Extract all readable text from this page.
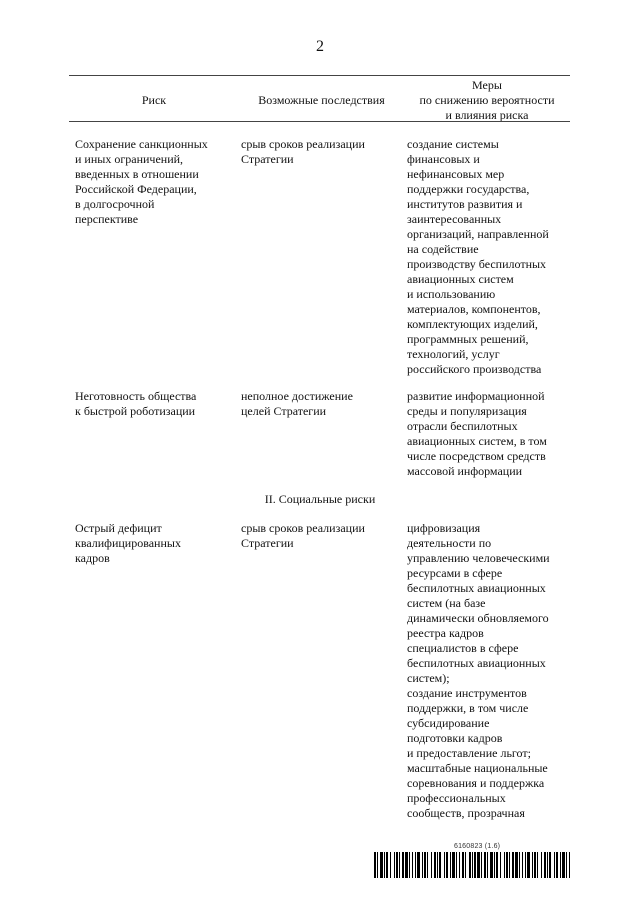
2
Риск	Возможные последствия
Меры
по снижению вероятности
и влияния риска
Сохранение санкционных
и иных ограничений,
введенных в отношении
Российской Федерации,
в долгосрочной
перспективе
срыв сроков реализации
Стратегии
создание системы
финансовых и
нефинансовых мер
поддержки государства,
институтов развития и
заинтересованных
организаций, направленной
на содействие
производству беспилотных
авиационных систем
и использованию
материалов, компонентов,
комплектующих изделий,
программных решений,
технологий, услуг
российского производства
Неготовность общества
к быстрой роботизации
неполное достижение
целей Стратегии
развитие информационной
среды и популяризация
отрасли беспилотных
авиационных систем, в том
числе посредством средств
массовой информации
II. Социальные риски
Острый дефицит
квалифицированных
кадров
срыв сроков реализации
Стратегии
цифровизация
деятельности по
управлению человеческими
ресурсами в сфере
беспилотных авиационных
систем (на базе
динамически обновляемого
реестра кадров
специалистов в сфере
беспилотных авиационных
систем);
создание инструментов
поддержки, в том числе
субсидирование
подготовки кадров
и предоставление льгот;
масштабные национальные
соревнования и поддержка
профессиональных
сообществ, прозрачная
6160823 (1.6)
